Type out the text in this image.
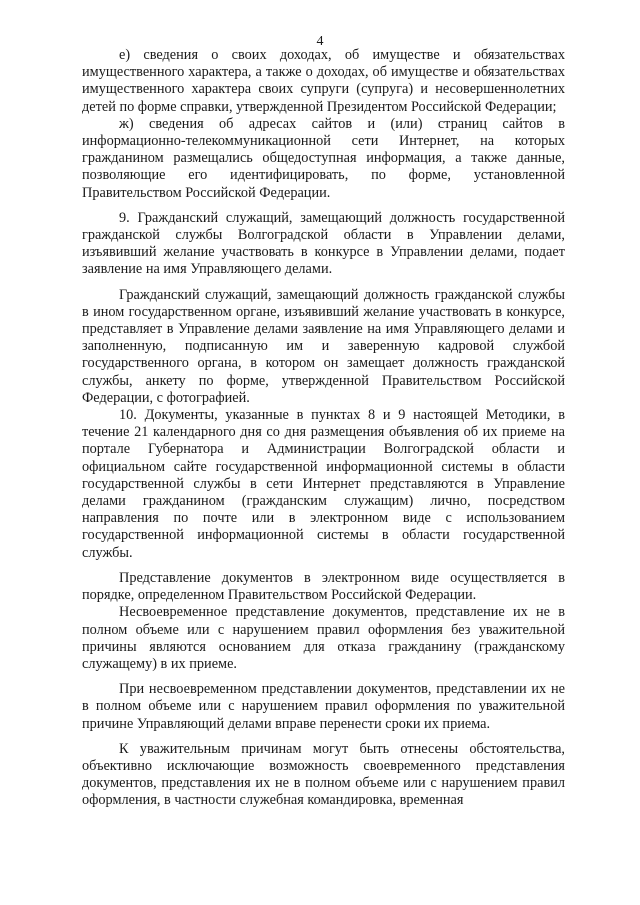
4

е) сведения о своих доходах, об имуществе и обязательствах имущественного характера, а также о доходах, об имуществе и обязательствах имущественного характера своих супруги (супруга) и несовершеннолетних детей по форме справки, утвержденной Президентом Российской Федерации;

ж) сведения об адресах сайтов и (или) страниц сайтов в информационно-телекоммуникационной сети Интернет, на которых гражданином размещались общедоступная информация, а также данные, позволяющие его идентифицировать, по форме, установленной Правительством Российской Федерации.

9. Гражданский служащий, замещающий должность государственной гражданской службы Волгоградской области в Управлении делами, изъявивший желание участвовать в конкурсе в Управлении делами, подает заявление на имя Управляющего делами.

Гражданский служащий, замещающий должность гражданской службы в ином государственном органе, изъявивший желание участвовать в конкурсе, представляет в Управление делами заявление на имя Управляющего делами и заполненную, подписанную им и заверенную кадровой службой государственного органа, в котором он замещает должность гражданской службы, анкету по форме, утвержденной Правительством Российской Федерации, с фотографией.

10. Документы, указанные в пунктах 8 и 9 настоящей Методики, в течение 21 календарного дня со дня размещения объявления об их приеме на портале Губернатора и Администрации Волгоградской области и официальном сайте государственной информационной системы в области государственной службы в сети Интернет представляются в Управление делами гражданином (гражданским служащим) лично, посредством направления по почте или в электронном виде с использованием государственной информационной системы в области государственной службы.

Представление документов в электронном виде осуществляется в порядке, определенном Правительством Российской Федерации.

Несвоевременное представление документов, представление их не в полном объеме или с нарушением правил оформления без уважительной причины являются основанием для отказа гражданину (гражданскому служащему) в их приеме.

При несвоевременном представлении документов, представлении их не в полном объеме или с нарушением правил оформления по уважительной причине Управляющий делами вправе перенести сроки их приема.

К уважительным причинам могут быть отнесены обстоятельства, объективно исключающие возможность своевременного представления документов, представления их не в полном объеме или с нарушением правил оформления, в частности служебная командировка, временная
